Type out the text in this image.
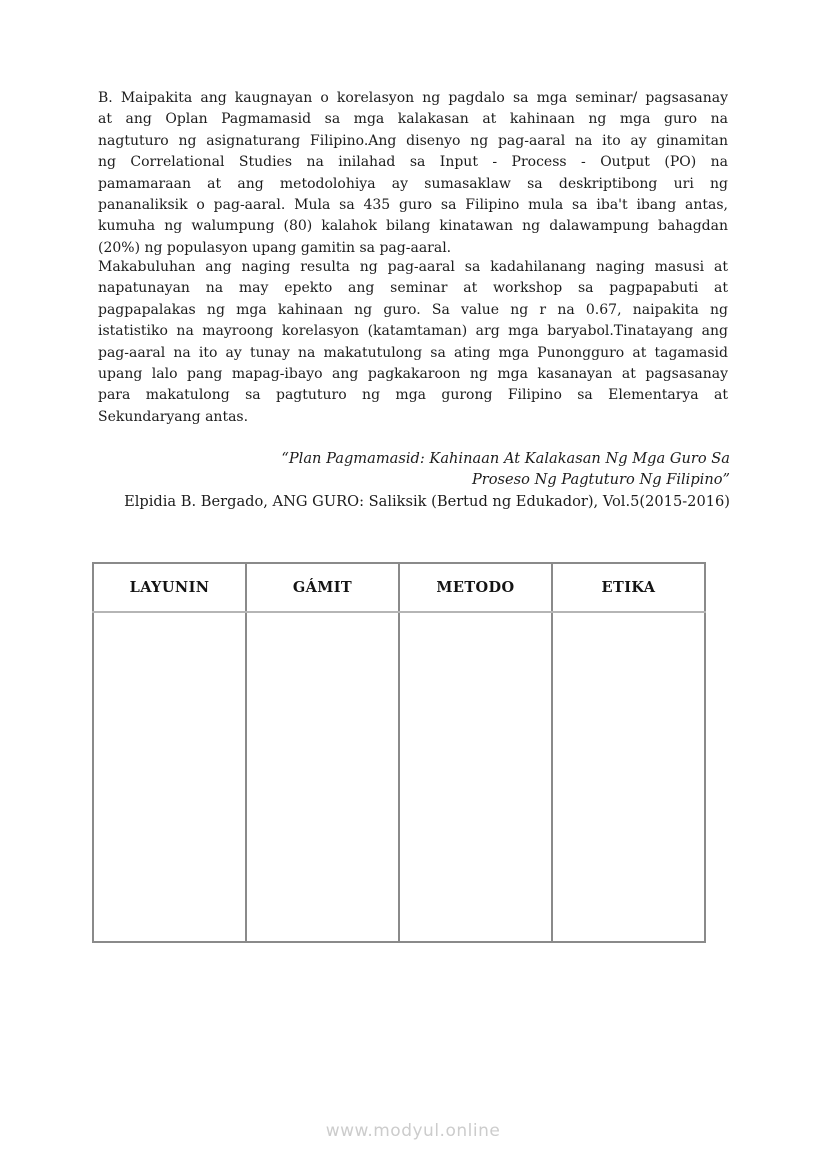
B. Maipakita ang kaugnayan o korelasyon ng pagdalo sa mga seminar/ pagsasanay
at ang Oplan Pagmamasid sa mga kalakasan at kahinaan ng mga guro na
nagtuturo ng asignaturang Filipino.Ang disenyo ng pag-aaral na ito ay ginamitan
ng Correlational Studies na inilahad sa Input - Process - Output (PO) na
pamamaraan at ang metodolohiya ay sumasaklaw sa deskriptibong uri ng
pananaliksik o pag-aaral. Mula sa 435 guro sa Filipino mula sa iba't ibang antas,
kumuha ng walumpung (80) kalahok bilang kinatawan ng dalawampung bahagdan
(20%) ng populasyon upang gamitin sa pag-aaral.
Makabuluhan ang naging resulta ng pag-aaral sa kadahilanang naging masusi at
napatunayan na may epekto ang seminar at workshop sa pagpapabuti at
pagpapalakas ng mga kahinaan ng guro. Sa value ng r na 0.67, naipakita ng
istatistiko na mayroong korelasyon (katamtaman) arg mga baryabol.Tinatayang ang
pag-aaral na ito ay tunay na makatutulong sa ating mga Punongguro at tagamasid
upang lalo pang mapag-ibayo ang pagkakaroon ng mga kasanayan at pagsasanay
para makatulong sa pagtuturo ng mga gurong Filipino sa Elementarya at
Sekundaryang antas.
“Plan Pagmamasid: Kahinaan At Kalakasan Ng Mga Guro Sa
Proseso Ng Pagtuturo Ng Filipino”
Elpidia B. Bergado, ANG GURO: Saliksik (Bertud ng Edukador), Vol.5(2015-2016)
LAYUNIN	GÁMIT	METODO	ETIKA

www.modyul.online
